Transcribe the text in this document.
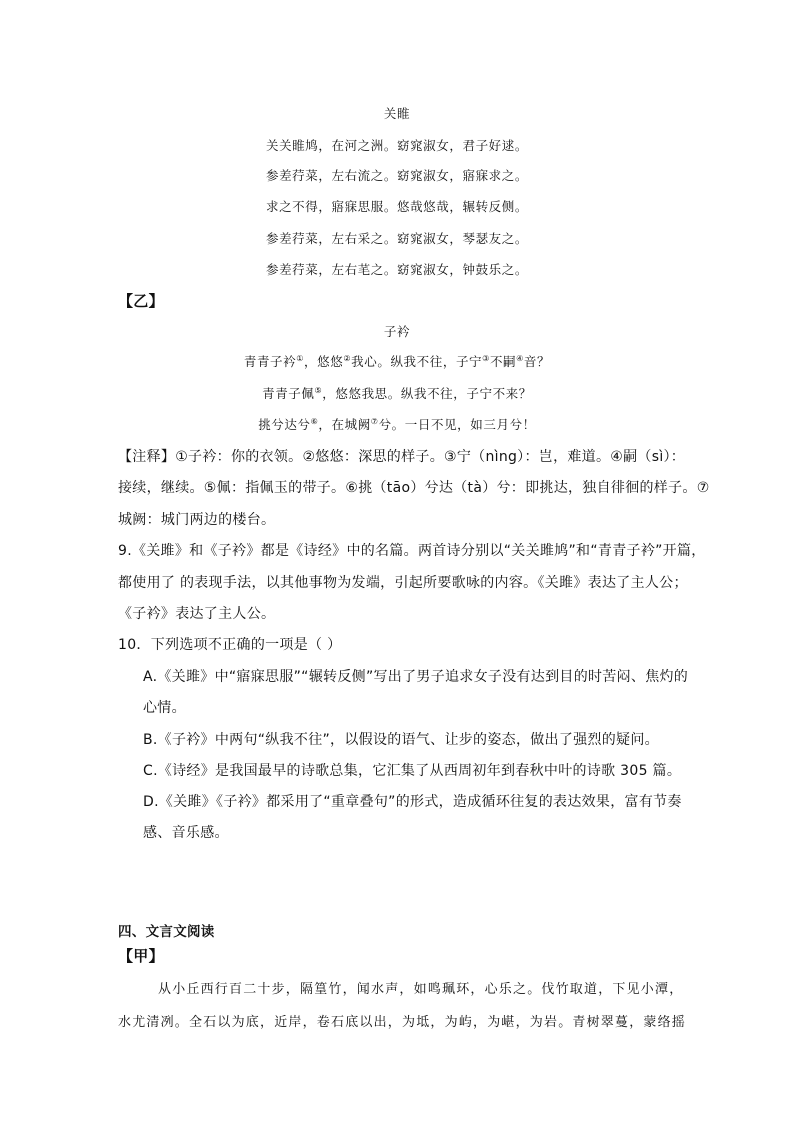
关睢
关关睢鸠，在河之洲。窈窕淑女，君子好逑。
参差荇菜，左右流之。窈窕淑女，寤寐求之。
求之不得，寤寐思服。悠哉悠哉，辗转反侧。
参差荇菜，左右采之。窈窕淑女，琴瑟友之。
参差荇菜，左右芼之。窈窕淑女，钟鼓乐之。
【乙】
子衿
青青子衿①，悠悠②我心。纵我不往，子宁③不嗣④音？
青青子佩⑤，悠悠我思。纵我不往，子宁不来？
挑兮达兮⑥，在城阙⑦兮。一日不见，如三月兮！
【注释】①子衿：你的衣领。②悠悠：深思的样子。③宁（nìng）：岂，难道。④嗣（sì）：
接续，继续。⑤佩：指佩玉的带子。⑥挑（tāo）兮达（tà）兮：即挑达，独自徘徊的样子。⑦
城阙：城门两边的楼台。
9.《关雎》和《子衿》都是《诗经》中的名篇。两首诗分别以“关关雎鸠”和“青青子衿”开篇，
都使用了 的表现手法，以其他事物为发端，引起所要歌咏的内容。《关雎》表达了主人公；
《子衿》表达了主人公。
10．下列选项不正确的一项是（ ）
A.《关雎》中“寤寐思服”“辗转反侧”写出了男子追求女子没有达到目的时苦闷、焦灼的
心情。
B.《子衿》中两句“纵我不往”，以假设的语气、让步的姿态，做出了强烈的疑问。
C.《诗经》是我国最早的诗歌总集，它汇集了从西周初年到春秋中叶的诗歌 305 篇。
D.《关雎》《子衿》都采用了“重章叠句”的形式，造成循环往复的表达效果，富有节奏
感、音乐感。
四、文言文阅读
【甲】
从小丘西行百二十步，隔篁竹，闻水声，如鸣珮环，心乐之。伐竹取道，下见小潭，
水尤清冽。全石以为底，近岸，卷石底以出，为坻，为屿，为嵁，为岩。青树翠蔓，蒙络摇
